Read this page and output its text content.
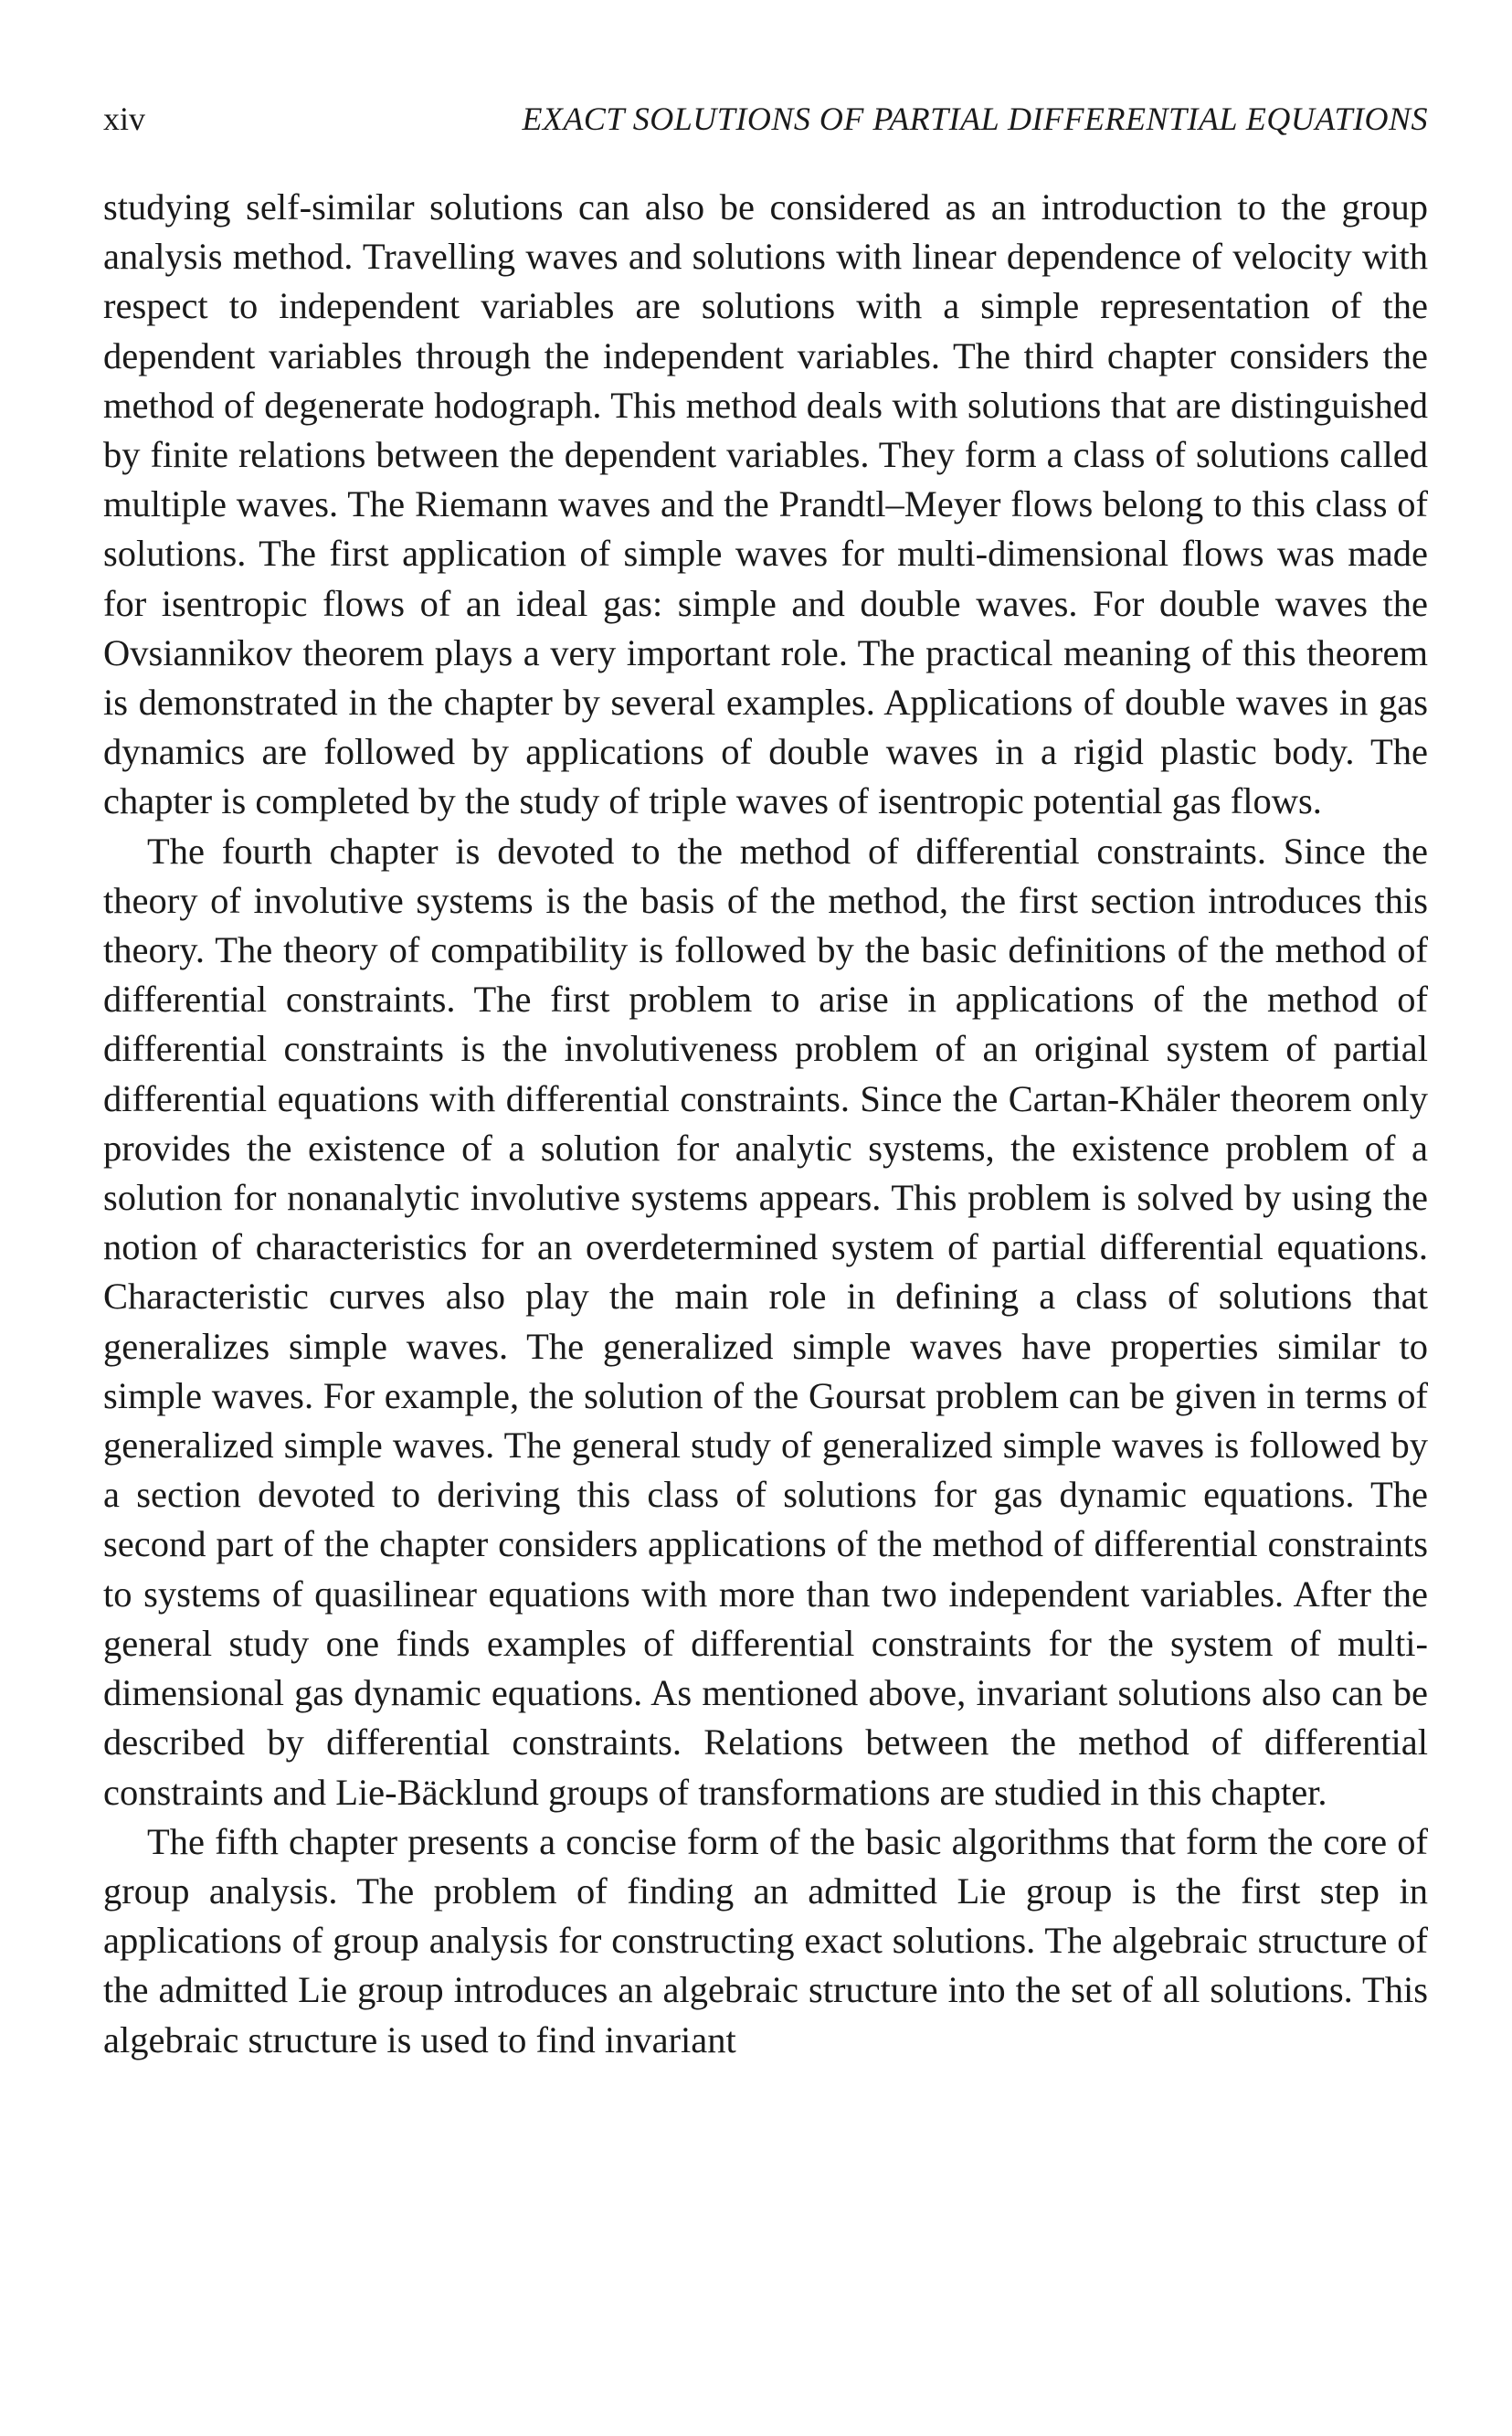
xiv	EXACT SOLUTIONS OF PARTIAL DIFFERENTIAL EQUATIONS

studying self-similar solutions can also be considered as an introduction to the group analysis method. Travelling waves and solutions with linear dependence of velocity with respect to independent variables are solutions with a simple representation of the dependent variables through the independent variables. The third chapter considers the method of degenerate hodograph. This method deals with solutions that are distinguished by finite relations between the dependent variables. They form a class of solutions called multiple waves. The Riemann waves and the Prandtl–Meyer flows belong to this class of solutions. The first application of simple waves for multi-dimensional flows was made for isentropic flows of an ideal gas: simple and double waves. For double waves the Ovsiannikov theorem plays a very important role. The practical meaning of this theorem is demonstrated in the chapter by several examples. Applications of double waves in gas dynamics are followed by applications of double waves in a rigid plastic body. The chapter is completed by the study of triple waves of isentropic potential gas flows.

The fourth chapter is devoted to the method of differential constraints. Since the theory of involutive systems is the basis of the method, the first section introduces this theory. The theory of compatibility is followed by the basic definitions of the method of differential constraints. The first problem to arise in applications of the method of differential constraints is the involutiveness problem of an original system of partial differential equations with differential constraints. Since the Cartan-Khäler theorem only provides the existence of a solution for analytic systems, the existence problem of a solution for nonanalytic involutive systems appears. This problem is solved by using the notion of characteristics for an overdetermined system of partial differential equations. Characteristic curves also play the main role in defining a class of solutions that generalizes simple waves. The generalized simple waves have properties similar to simple waves. For example, the solution of the Goursat problem can be given in terms of generalized simple waves. The general study of generalized simple waves is followed by a section devoted to deriving this class of solutions for gas dynamic equations. The second part of the chapter considers applications of the method of differential constraints to systems of quasilinear equations with more than two independent variables. After the general study one finds examples of differential constraints for the system of multi-dimensional gas dynamic equations. As mentioned above, invariant solutions also can be described by differential constraints. Relations between the method of differential constraints and Lie-Bäcklund groups of transformations are studied in this chapter.

The fifth chapter presents a concise form of the basic algorithms that form the core of group analysis. The problem of finding an admitted Lie group is the first step in applications of group analysis for constructing exact solutions. The algebraic structure of the admitted Lie group introduces an algebraic structure into the set of all solutions. This algebraic structure is used to find invariant
